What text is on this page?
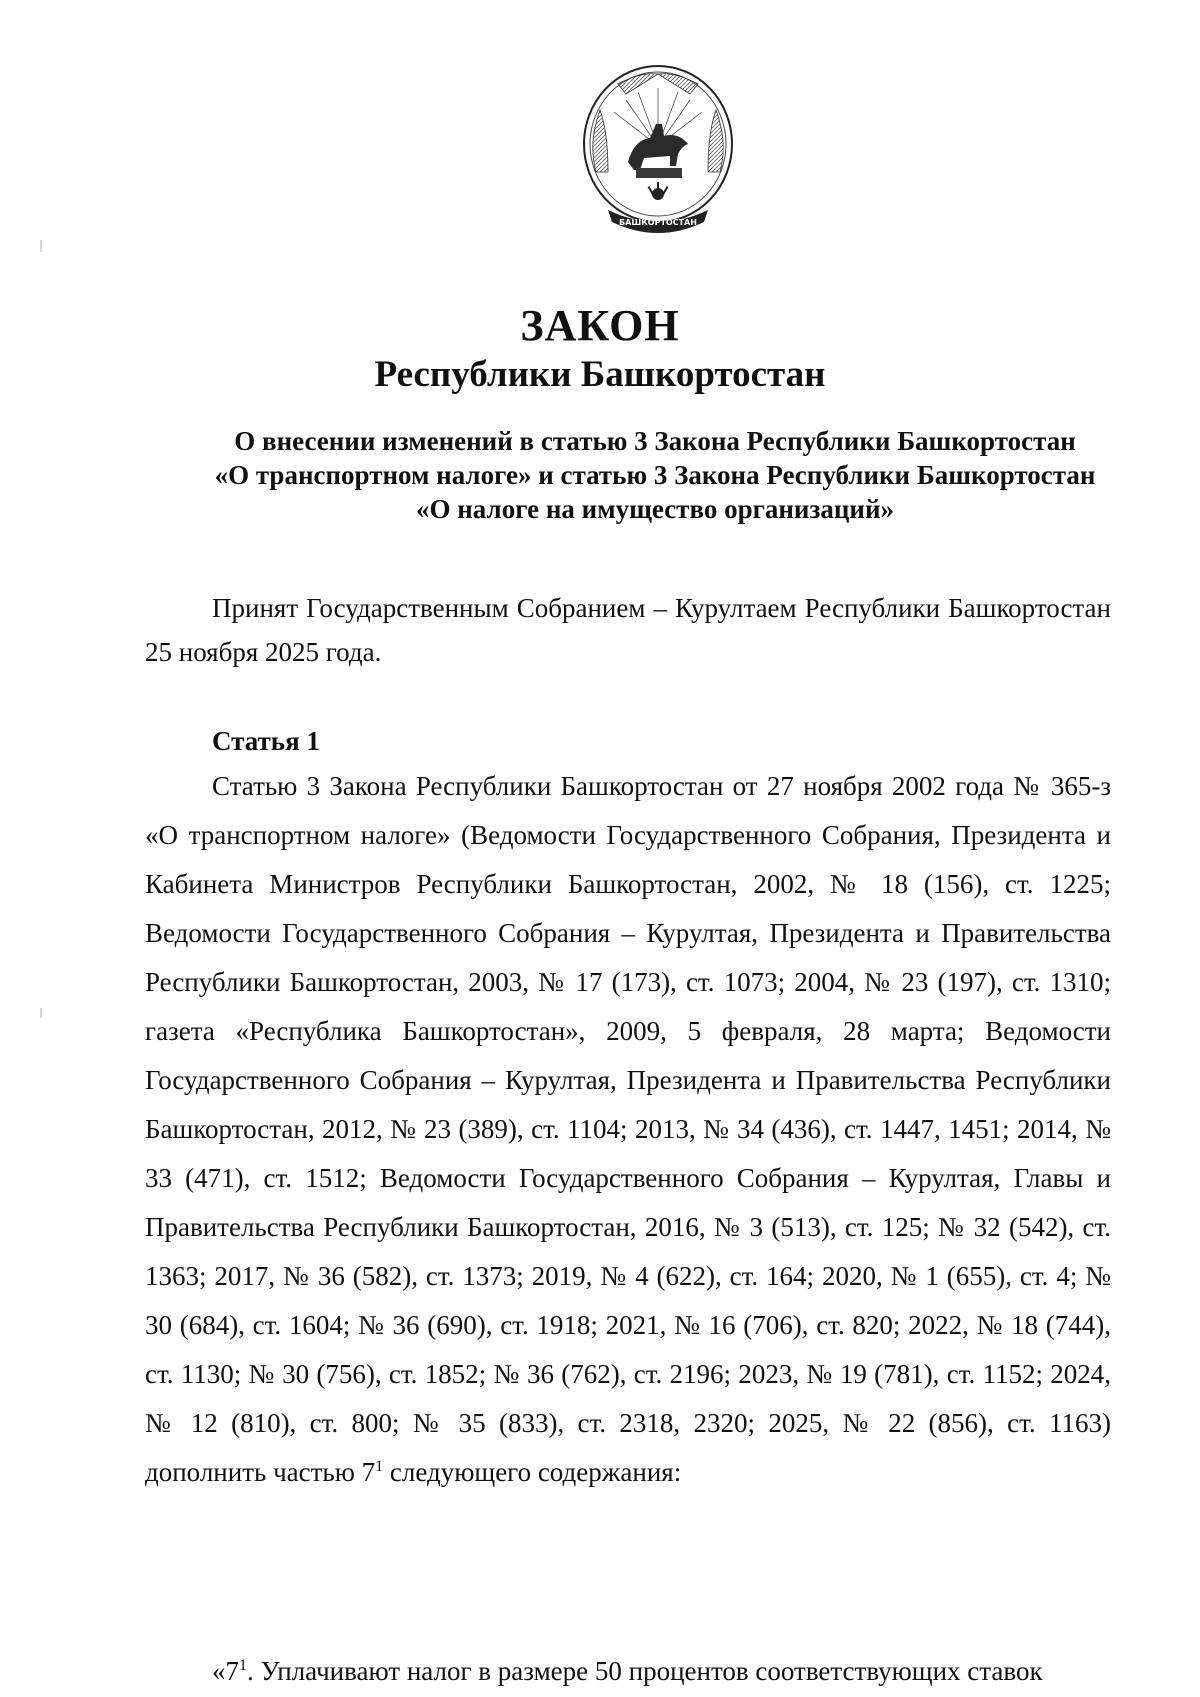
БАШКОРТОСТАН
ЗАКОН
Республики Башкортостан
О внесении изменений в статью 3 Закона Республики Башкортостан
«О транспортном налоге» и статью 3 Закона Республики Башкортостан
«О налоге на имущество организаций»
Принят Государственным Собранием – Курултаем Республики Башкортостан 25 ноября 2025 года.
Статья 1
Статью 3 Закона Республики Башкортостан от 27 ноября 2002 года № 365-з «О транспортном налоге» (Ведомости Государственного Собрания, Президента и Кабинета Министров Республики Башкортостан, 2002, № 18 (156), ст. 1225; Ведомости Государственного Собрания – Курултая, Президента и Правительства Республики Башкортостан, 2003, № 17 (173), ст. 1073; 2004, № 23 (197), ст. 1310; газета «Республика Башкортостан», 2009, 5 февраля, 28 марта; Ведомости Государственного Собрания – Курултая, Президента и Правительства Республики Башкортостан, 2012, № 23 (389), ст. 1104; 2013, № 34 (436), ст. 1447, 1451; 2014, № 33 (471), ст. 1512; Ведомости Государственного Собрания – Курултая, Главы и Правительства Республики Башкортостан, 2016, № 3 (513), ст. 125; № 32 (542), ст. 1363; 2017, № 36 (582), ст. 1373; 2019, № 4 (622), ст. 164; 2020, № 1 (655), ст. 4; № 30 (684), ст. 1604; № 36 (690), ст. 1918; 2021, № 16 (706), ст. 820; 2022, № 18 (744), ст. 1130; № 30 (756), ст. 1852; № 36 (762), ст. 2196; 2023, № 19 (781), ст. 1152; 2024, № 12 (810), ст. 800; № 35 (833), ст. 2318, 2320; 2025, № 22 (856), ст. 1163) дополнить частью $7^1$ следующего содержания:
«$7^1$. Уплачивают налог в размере 50 процентов соответствующих ставок
